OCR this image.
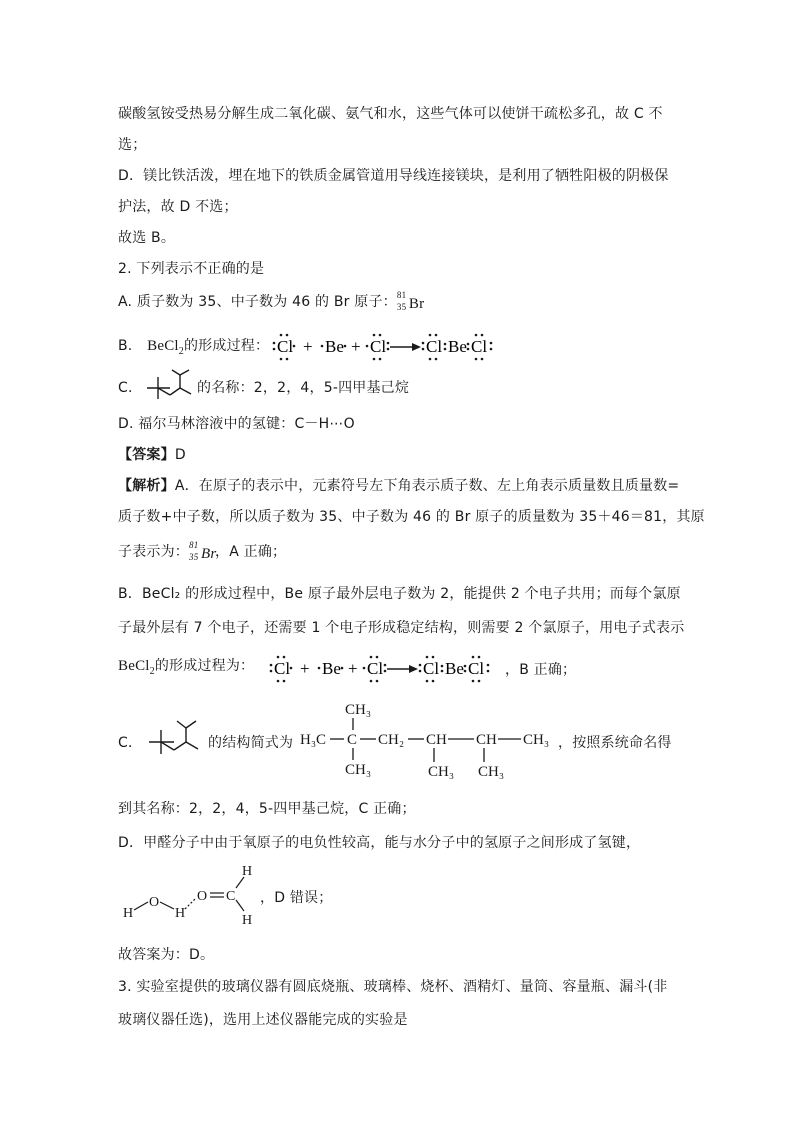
碳酸氢铵受热易分解生成二氧化碳、氨气和水，这些气体可以使饼干疏松多孔，故 C 不
选；
D．镁比铁活泼，埋在地下的铁质金属管道用导线连接镁块，是利用了牺牲阳极的阴极保
护法，故 D 不选；
故选 B。
2. 下列表示不正确的是
A. 质子数为 35、中子数为 46 的 Br 原子： 81
35 Br
B. BeCl$_2$的形成过程： Cl + Be + Cl Cl Be Cl
C.	的名称：2，2，4，5-四甲基己烷
D. 福尔马林溶液中的氢键：C－H⋯O
【答案】D
【解析】A．在原子的表示中，元素符号左下角表示质子数、左上角表示质量数且质量数=
质子数+中子数，所以质子数为 35、中子数为 46 的 Br 原子的质量数为 35＋46＝81，其原
子表示为： 81
35 Br
，A 正确；
B．BeCl₂ 的形成过程中，Be 原子最外层电子数为 2，能提供 2 个电子共用；而每个氯原
子最外层有 7 个电子，还需要 1 个电子形成稳定结构，则需要 2 个氯原子，用电子式表示
BeCl$_2$的形成过程为： Cl + Be + Cl Cl Be Cl ，B 正确；
C．	的结构简式为
CH₃
H₃C C CH₂ CH CH CH₃
CH₃	CH₃ CH₃
，按照系统命名得
到其名称：2，2，4，5-四甲基己烷，C 正确；
D．甲醛分子中由于氧原子的电负性较高，能与水分子中的氢原子之间形成了氢键，
H
O
H
O C
H
H
，D 错误；
故答案为：D。
3. 实验室提供的玻璃仪器有圆底烧瓶、玻璃棒、烧杯、酒精灯、量筒、容量瓶、漏斗(非
玻璃仪器任选)，选用上述仪器能完成的实验是
